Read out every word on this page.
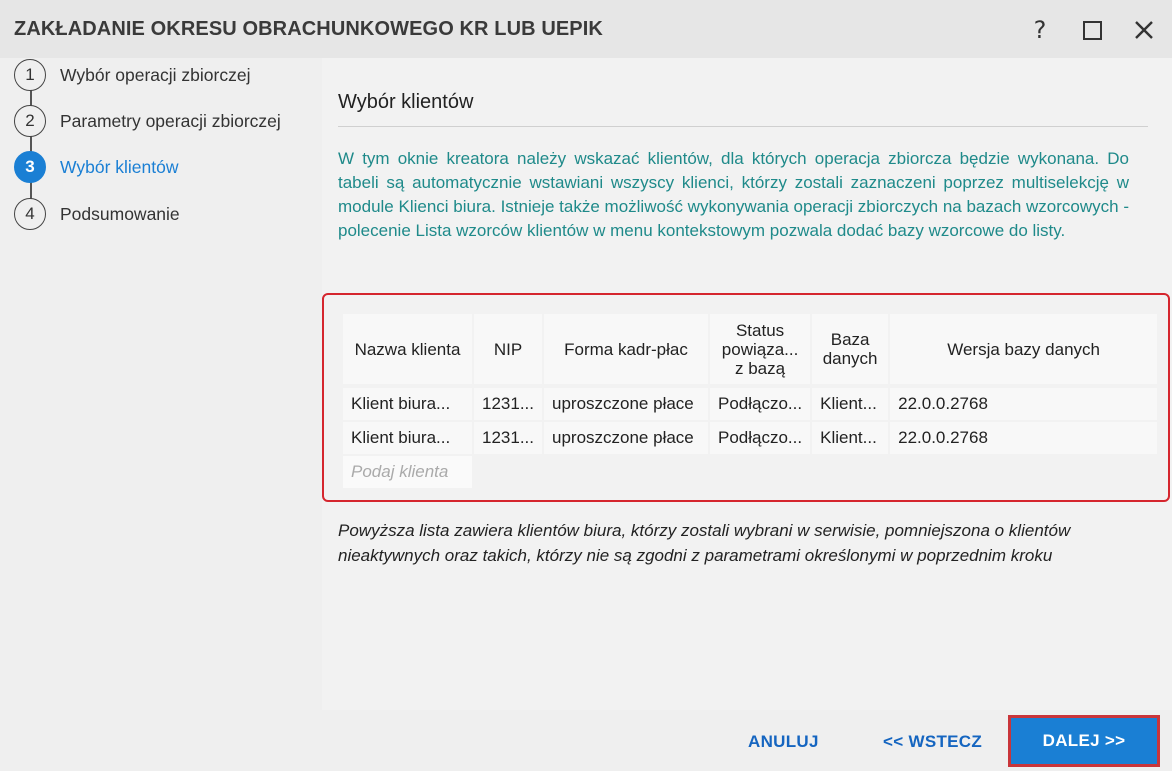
ZAKŁADANIE OKRESU OBRACHUNKOWEGO KR LUB UEPIK	?
1	Wybór operacji zbiorczej
2	Parametry operacji zbiorczej
3	Wybór klientów
4	Podsumowanie
Wybór klientów
W tym oknie kreatora należy wskazać klientów, dla których operacja zbiorcza będzie wykonana. Do tabeli są automatycznie wstawiani wszyscy klienci, którzy zostali zaznaczeni poprzez multiselekcję w module Klienci biura. Istnieje także możliwość wykonywania operacji zbiorczych na bazach wzorcowych - polecenie Lista wzorców klientów w menu kontekstowym pozwala dodać bazy wzorcowe do listy.
Nazwa klienta	NIP	Forma kadr-płac	Status powiąza... z bazą	Baza danych	Wersja bazy danych

Klient biura...	1231...	uproszczone płace	Podłączo...	Klient...	22.0.0.2768
Klient biura...	1231...	uproszczone płace	Podłączo...	Klient...	22.0.0.2768
Podaj klienta					
Powyższa lista zawiera klientów biura, którzy zostali wybrani w serwisie, pomniejszona o klientów nieaktywnych oraz takich, którzy nie są zgodni z parametrami określonymi w poprzednim kroku
ANULUJ	<< WSTECZ	DALEJ >>
